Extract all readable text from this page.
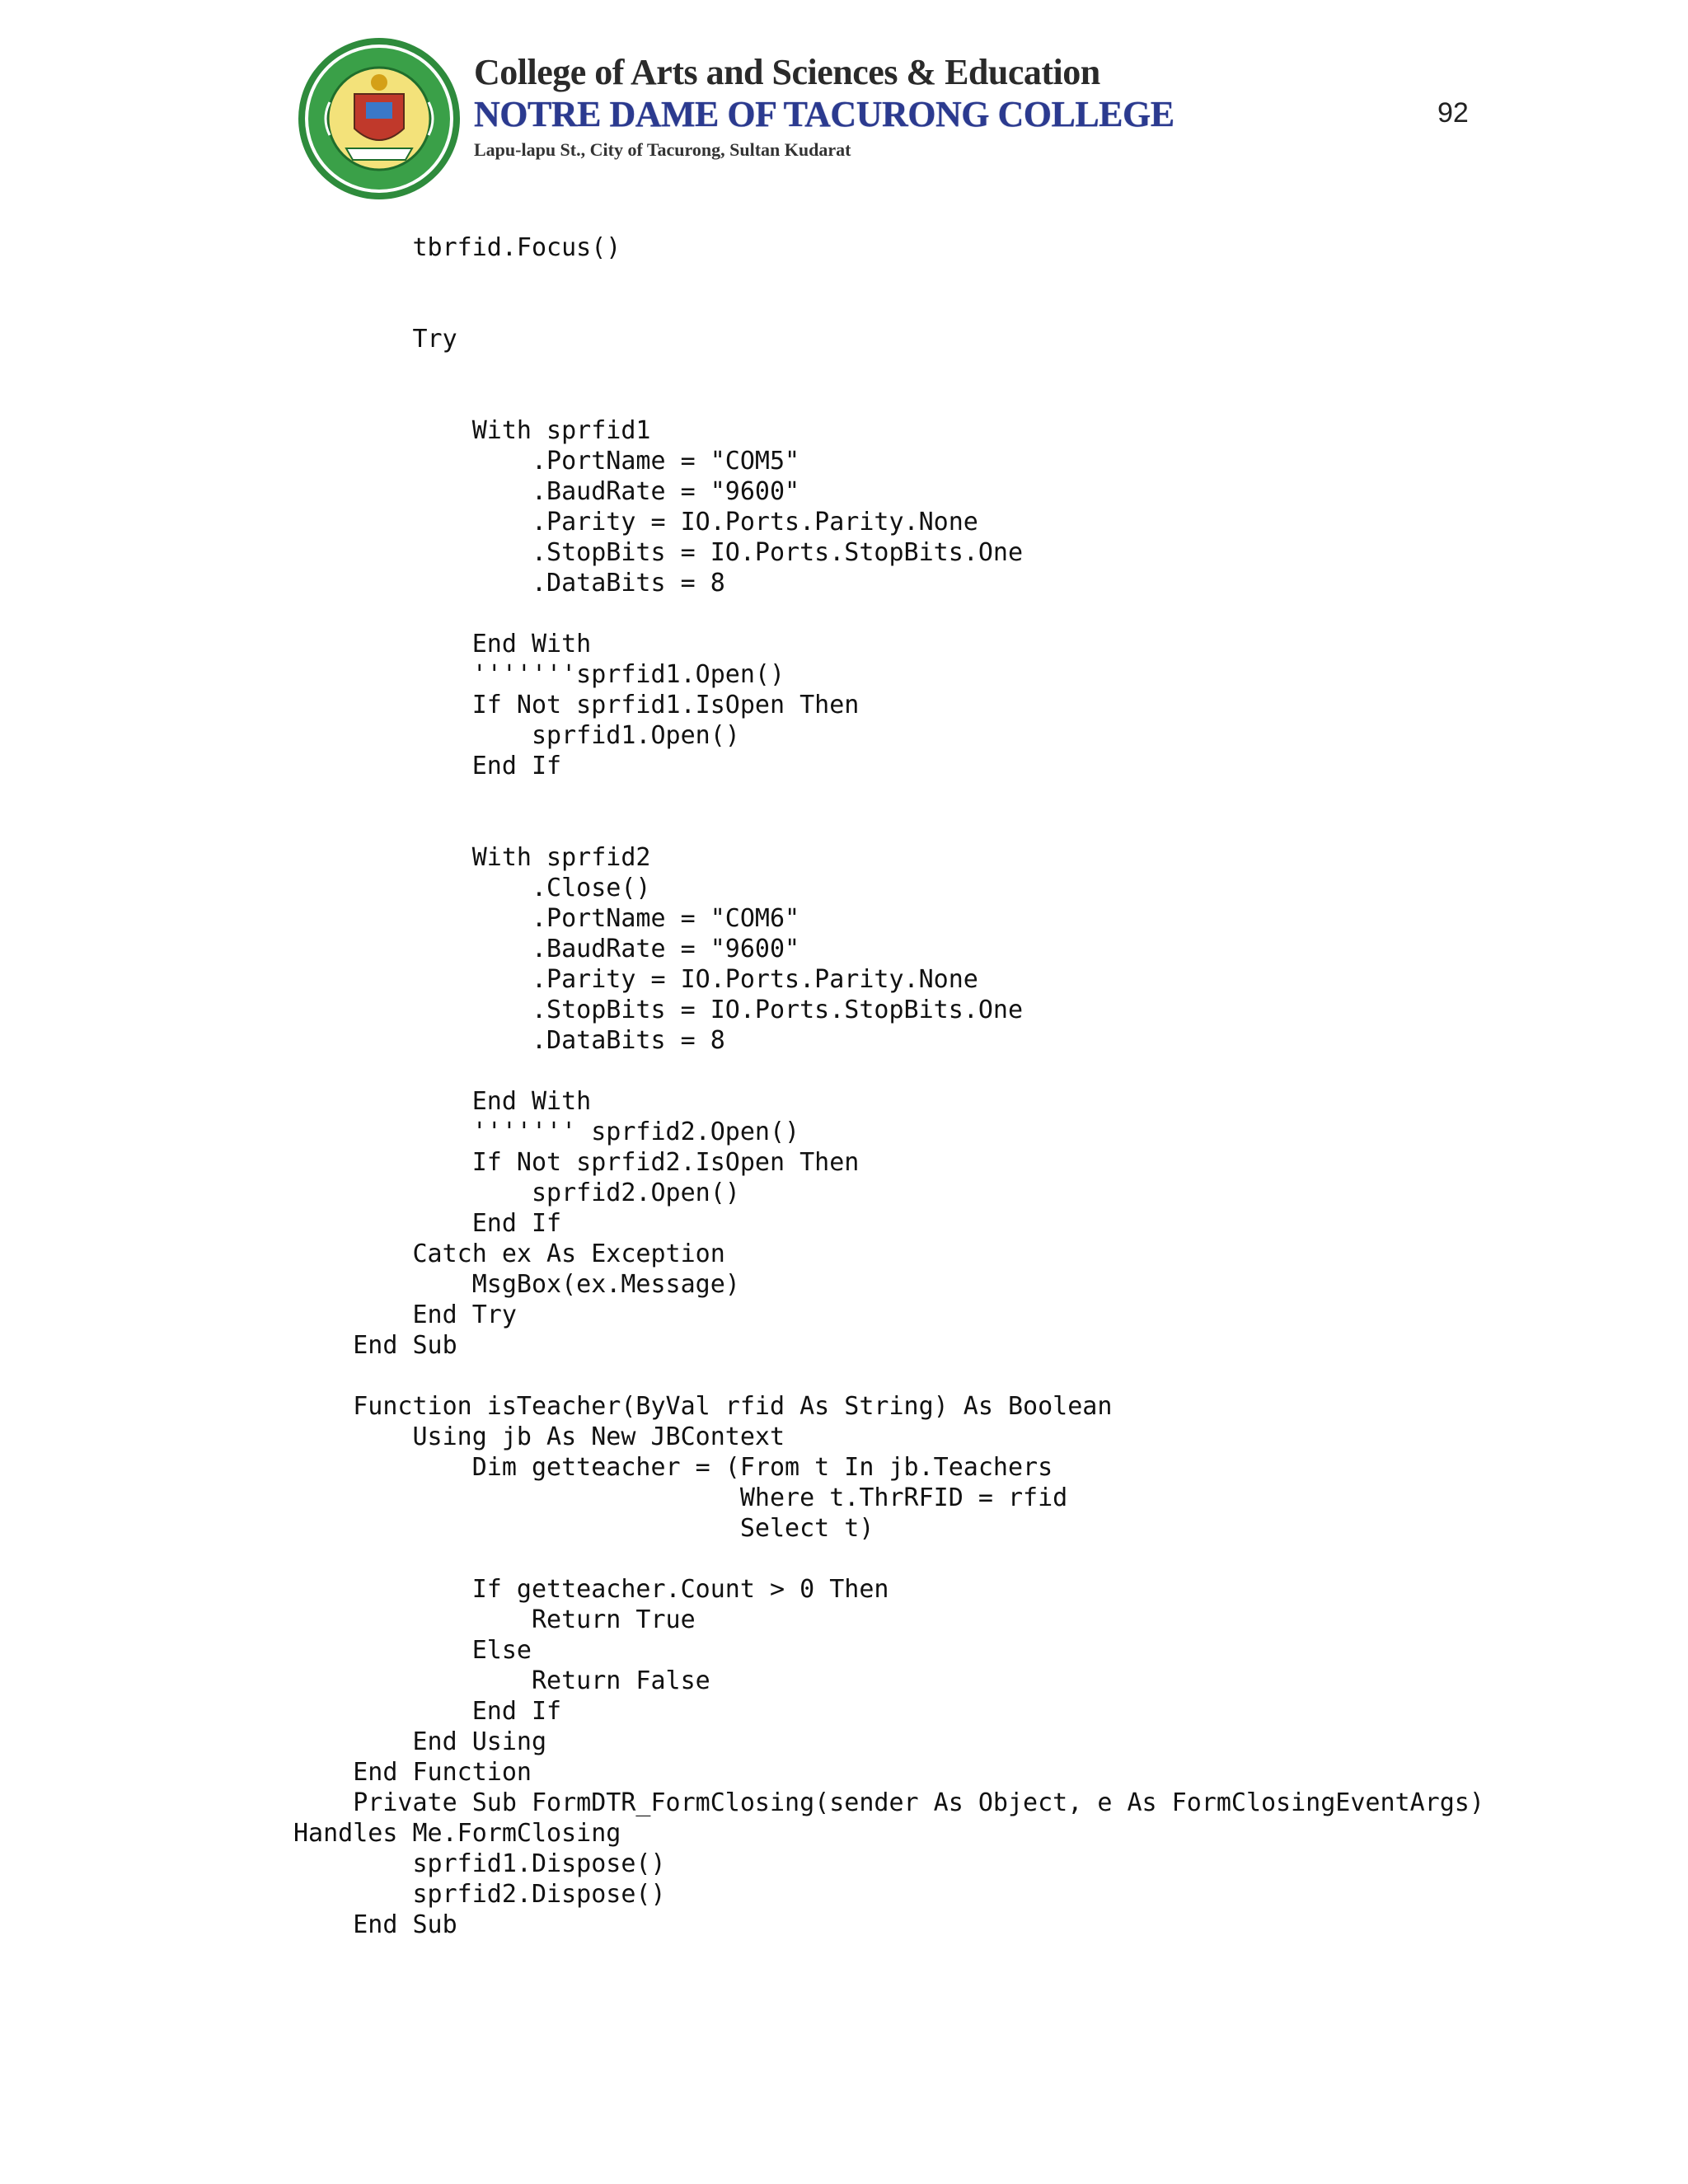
College of Arts and Sciences & Education
NOTRE DAME OF TACURONG COLLEGE
Lapu-lapu St., City of Tacurong, Sultan Kudarat
92
tbrfid.Focus()
Try
With sprfid1
.PortName = "COM5"
.BaudRate = "9600"
.Parity = IO.Ports.Parity.None
.StopBits = IO.Ports.StopBits.One
.DataBits = 8
End With
'''''''sprfid1.Open()
If Not sprfid1.IsOpen Then
sprfid1.Open()
End If
With sprfid2
.Close()
.PortName = "COM6"
.BaudRate = "9600"
.Parity = IO.Ports.Parity.None
.StopBits = IO.Ports.StopBits.One
.DataBits = 8
End With
''''''' sprfid2.Open()
If Not sprfid2.IsOpen Then
sprfid2.Open()
End If
Catch ex As Exception
MsgBox(ex.Message)
End Try
End Sub
Function isTeacher(ByVal rfid As String) As Boolean
Using jb As New JBContext
Dim getteacher = (From t In jb.Teachers
Where t.ThrRFID = rfid
Select t)
If getteacher.Count > 0 Then
Return True
Else
Return False
End If
End Using
End Function
Private Sub FormDTR_FormClosing(sender As Object, e As FormClosingEventArgs)
Handles Me.FormClosing
sprfid1.Dispose()
sprfid2.Dispose()
End Sub
